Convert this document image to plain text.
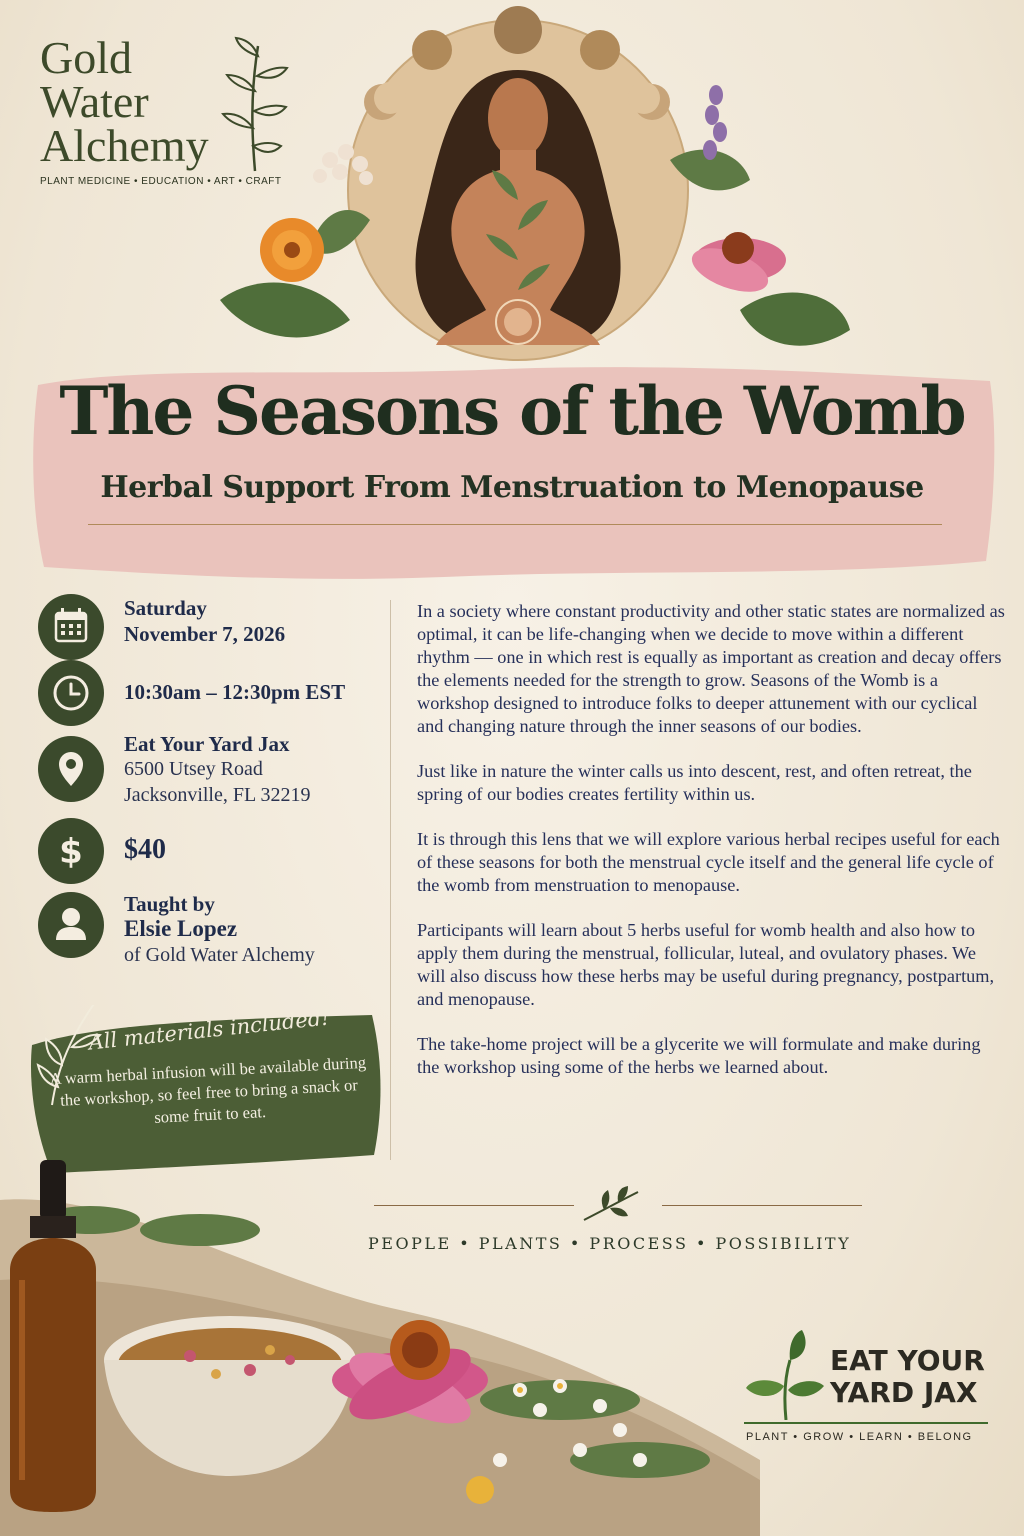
Gold
Water
Alchemy
PLANT MEDICINE • EDUCATION • ART • CRAFT
The Seasons of the Womb
Herbal Support From Menstruation to Menopause
Saturday
November 7, 2026
10:30am – 12:30pm EST
Eat Your Yard Jax
6500 Utsey Road
Jacksonville, FL 32219
$ $40
Taught by
Elsie Lopez
of Gold Water Alchemy
All materials included!
A warm herbal infusion will be available during the workshop, so feel free to bring a snack or some fruit to eat.

In a society where constant productivity and other static states are normalized as optimal, it can be life-changing when we decide to move within a different rhythm — one in which rest is equally as important as creation and decay offers the elements needed for the strength to grow. Seasons of the Womb is a workshop designed to introduce folks to deeper attunement with our cyclical and changing nature through the inner seasons of our bodies.

Just like in nature the winter calls us into descent, rest, and often retreat, the spring of our bodies creates fertility within us.

It is through this lens that we will explore various herbal recipes useful for each of these seasons for both the menstrual cycle itself and the general life cycle of the womb from menstruation to menopause.

Participants will learn about 5 herbs useful for womb health and also how to apply them during the menstrual, follicular, luteal, and ovulatory phases. We will also discuss how these herbs may be useful during pregnancy, postpartum, and menopause.

The take-home project will be a glycerite we will formulate and make during the workshop using some of the herbs we learned about.

PEOPLE • PLANTS • PROCESS • POSSIBILITY
EAT YOUR
YARD JAX
PLANT • GROW • LEARN • BELONG
